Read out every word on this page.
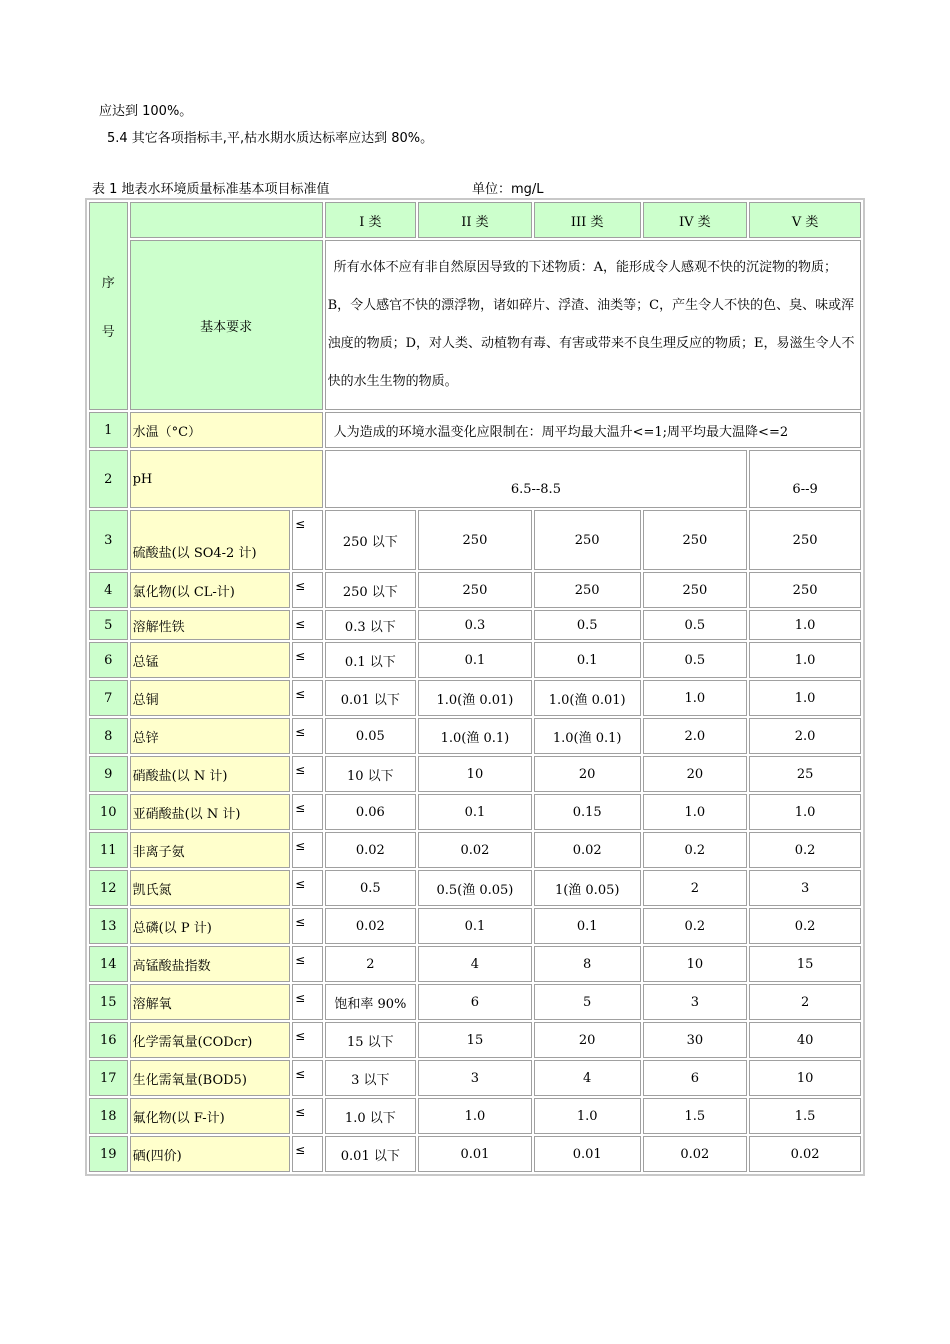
应达到 100%。
5.4 其它各项指标丰,平,枯水期水质达标率应达到 80%。
表 1 地表水环境质量标准基本项目标准值	单位：mg/L
序
号			I 类	II 类	III 类	IV 类	V 类
	基本要求		所有水体不应有非自然原因导致的下述物质：A，能形成令人感观不快的沉淀物的物质；B，令人感官不快的漂浮物，诸如碎片、浮渣、油类等；C，产生令人不快的色、臭、味或浑浊度的物质；D，对人类、动植物有毒、有害或带来不良生理反应的物质；E，易滋生令人不快的水生生物的物质。				
1	水温（°C）		人为造成的环境水温变化应限制在：周平均最大温升<=1;周平均最大温降<=2				
2	pH		6.5--8.5				6--9
3	硫酸盐(以 SO4-2 计)	≤	250 以下	250	250	250	250
4	氯化物(以 CL-计)	≤	250 以下	250	250	250	250
5	溶解性铁	≤	0.3 以下	0.3	0.5	0.5	1.0
6	总锰	≤	0.1 以下	0.1	0.1	0.5	1.0
7	总铜	≤	0.01 以下	1.0(渔 0.01)	1.0(渔 0.01)	1.0	1.0
8	总锌	≤	0.05	1.0(渔 0.1)	1.0(渔 0.1)	2.0	2.0
9	硝酸盐(以 N 计)	≤	10 以下	10	20	20	25
10	亚硝酸盐(以 N 计)	≤	0.06	0.1	0.15	1.0	1.0
11	非离子氨	≤	0.02	0.02	0.02	0.2	0.2
12	凯氏氮	≤	0.5	0.5(渔 0.05)	1(渔 0.05)	2	3
13	总磷(以 P 计)	≤	0.02	0.1	0.1	0.2	0.2
14	高锰酸盐指数	≤	2	4	8	10	15
15	溶解氧	≤	饱和率 90%	6	5	3	2
16	化学需氧量(CODcr)	≤	15 以下	15	20	30	40
17	生化需氧量(BOD5)	≤	3 以下	3	4	6	10
18	氟化物(以 F-计)	≤	1.0 以下	1.0	1.0	1.5	1.5
19	硒(四价)	≤	0.01 以下	0.01	0.01	0.02	0.02
